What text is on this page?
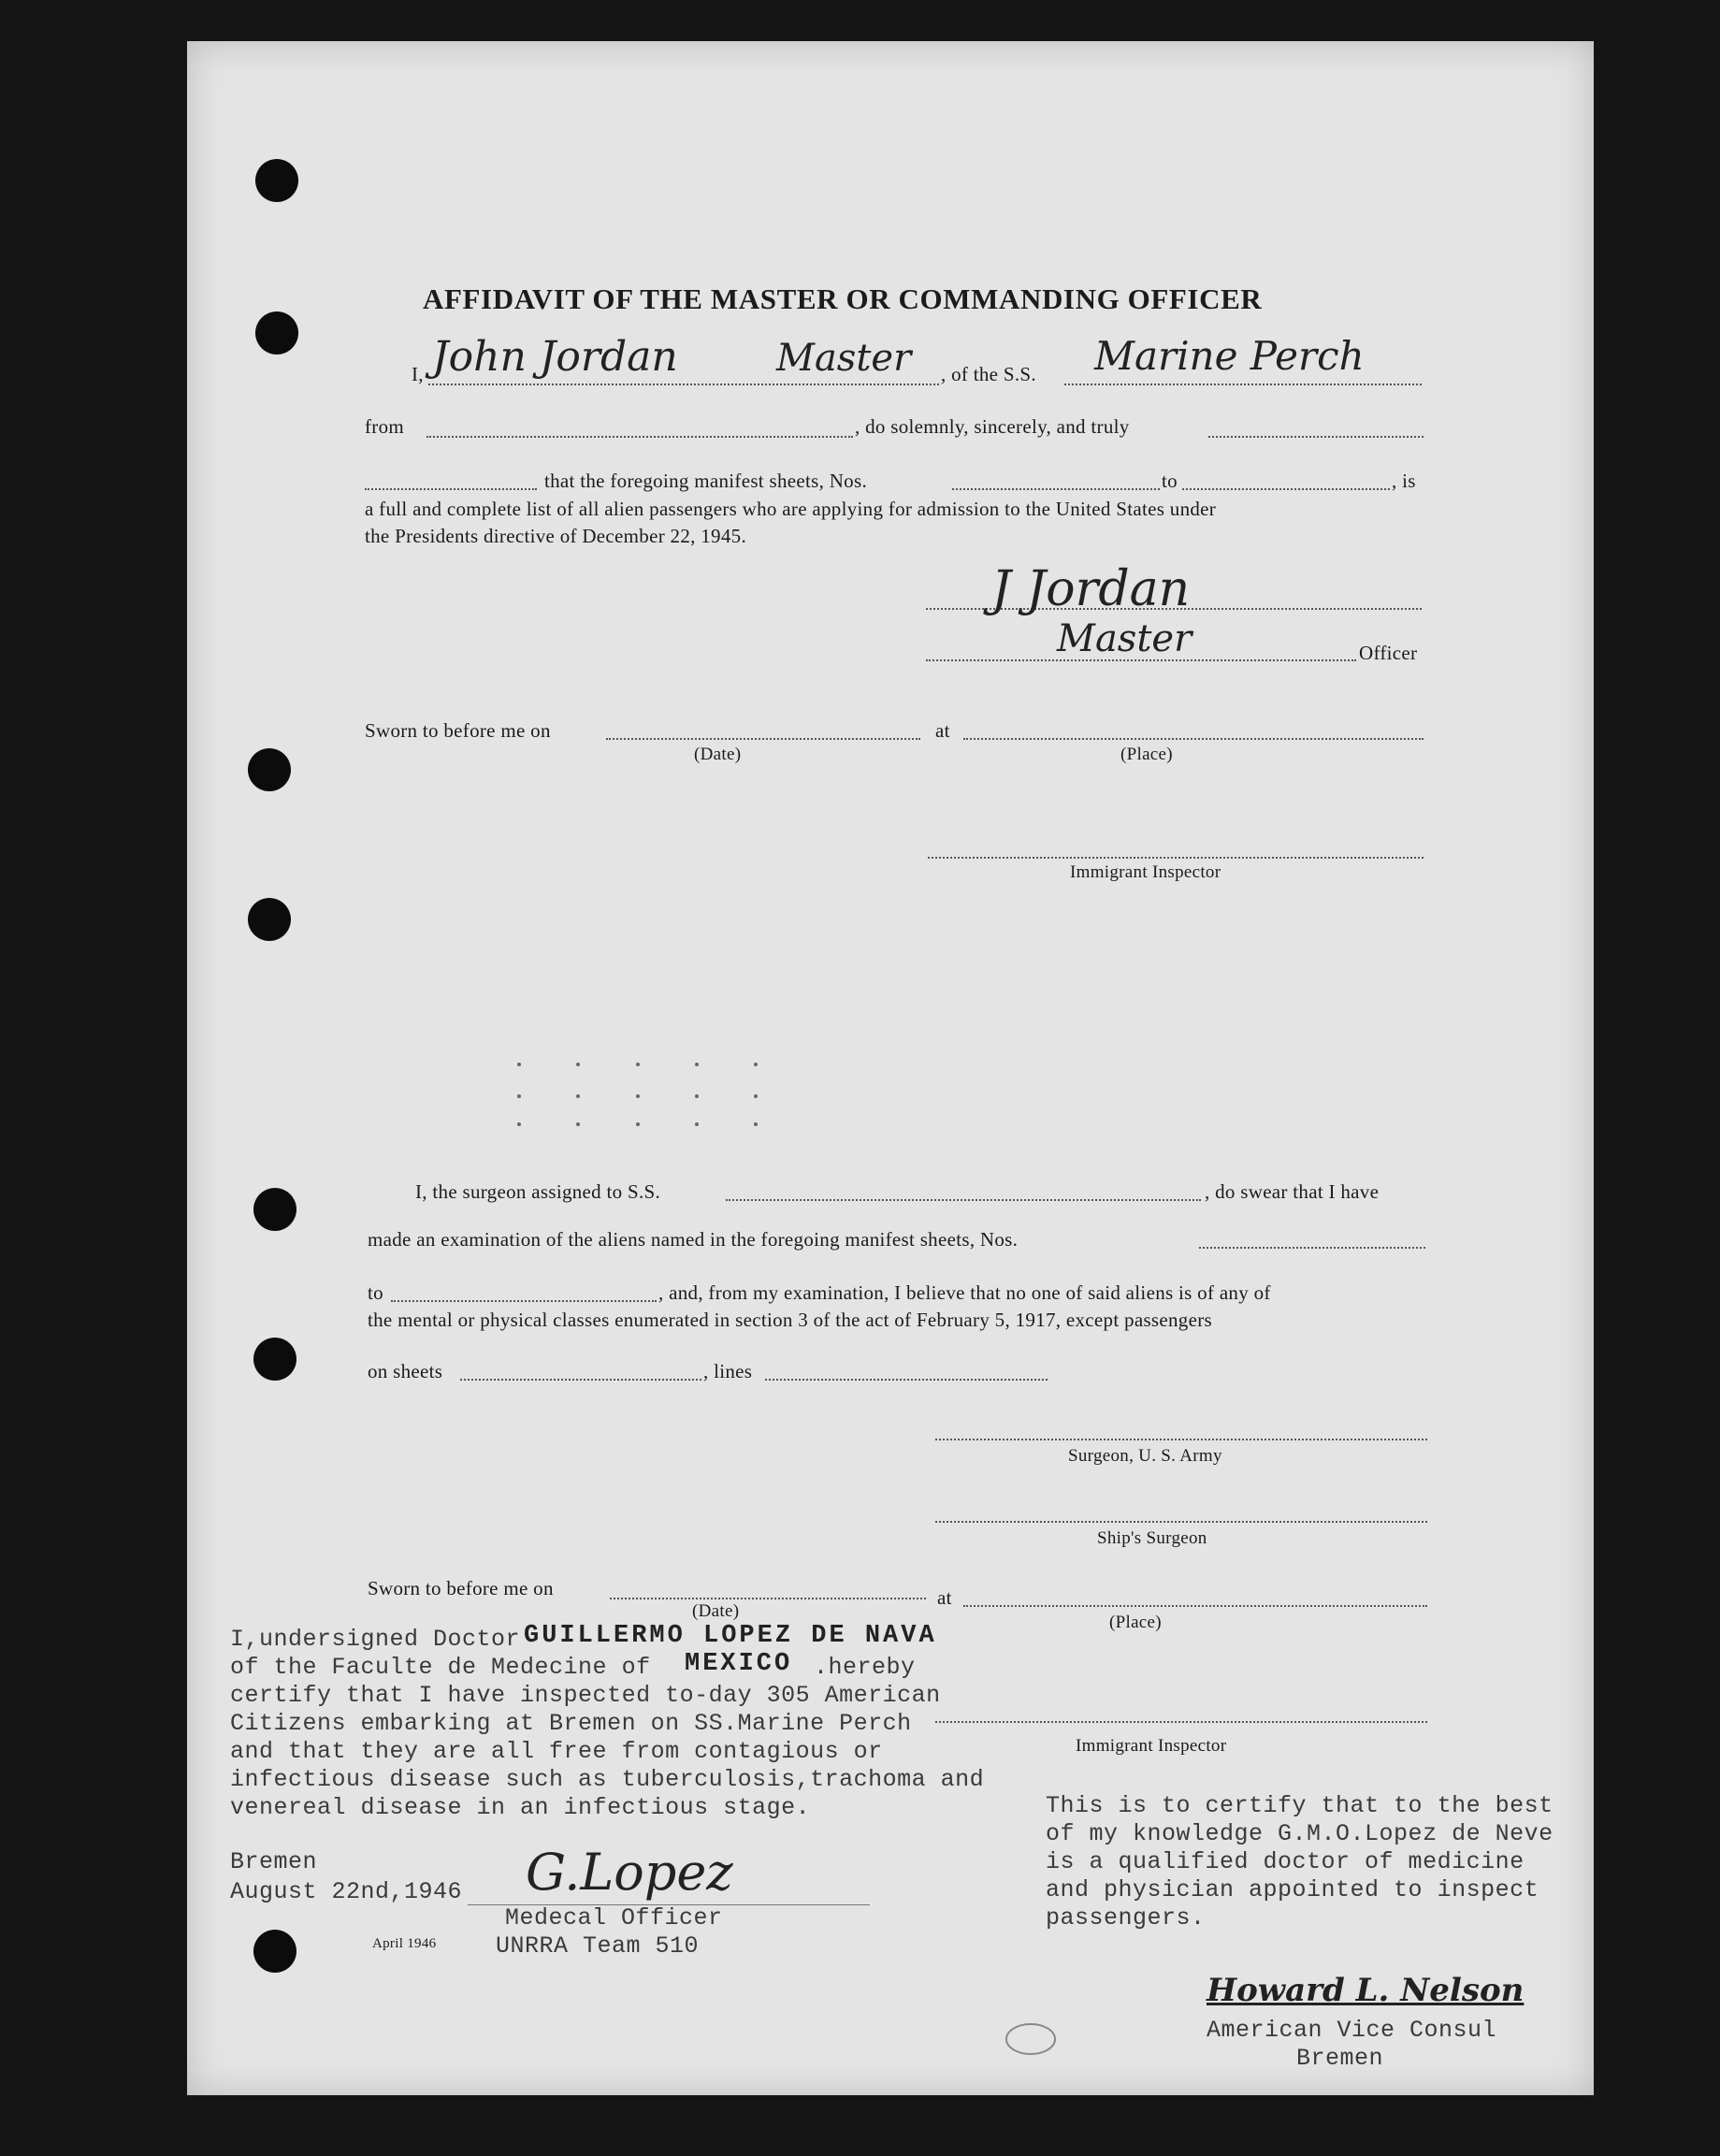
AFFIDAVIT OF THE MASTER OR COMMANDING OFFICER
I, John Jordan	Master , of the S.S. Marine Perch
from	, do solemnly, sincerely, and truly
that the foregoing manifest sheets, Nos.	to	, is
a full and complete list of all alien passengers who are applying for admission to the United States under
the Presidents directive of December 22, 1945.
J Jordan
Master	Officer
Sworn to before me on	at
(Date)	(Place)
Immigrant Inspector
I, the surgeon assigned to S.S.	, do swear that I have
made an examination of the aliens named in the foregoing manifest sheets, Nos.
to	, and, from my examination, I believe that no one of said aliens is of any of
the mental or physical classes enumerated in section 3 of the act of February 5, 1917, except passengers
on sheets	, lines
Surgeon, U. S. Army
Ship's Surgeon
Sworn to before me on	at
(Date)
(Place)
Immigrant Inspector
I,undersigned Doctor GUILLERMO LOPEZ DE NAVA
of the Faculte de Medecine of MEXICO .hereby
certify that I have inspected to-day 305 American
Citizens embarking at Bremen on SS.Marine Perch
and that they are all free from contagious or
infectious disease such as tuberculosis,trachoma and
venereal disease in an infectious stage.
Bremen
August 22nd,1946 G.Lopez
Medecal Officer
UNRRA Team 510
April 1946
This is to certify that to the best
of my knowledge G.M.O.Lopez de Neve
is a qualified doctor of medicine
and physician appointed to inspect
passengers.
Howard L. Nelson
American Vice Consul
Bremen
